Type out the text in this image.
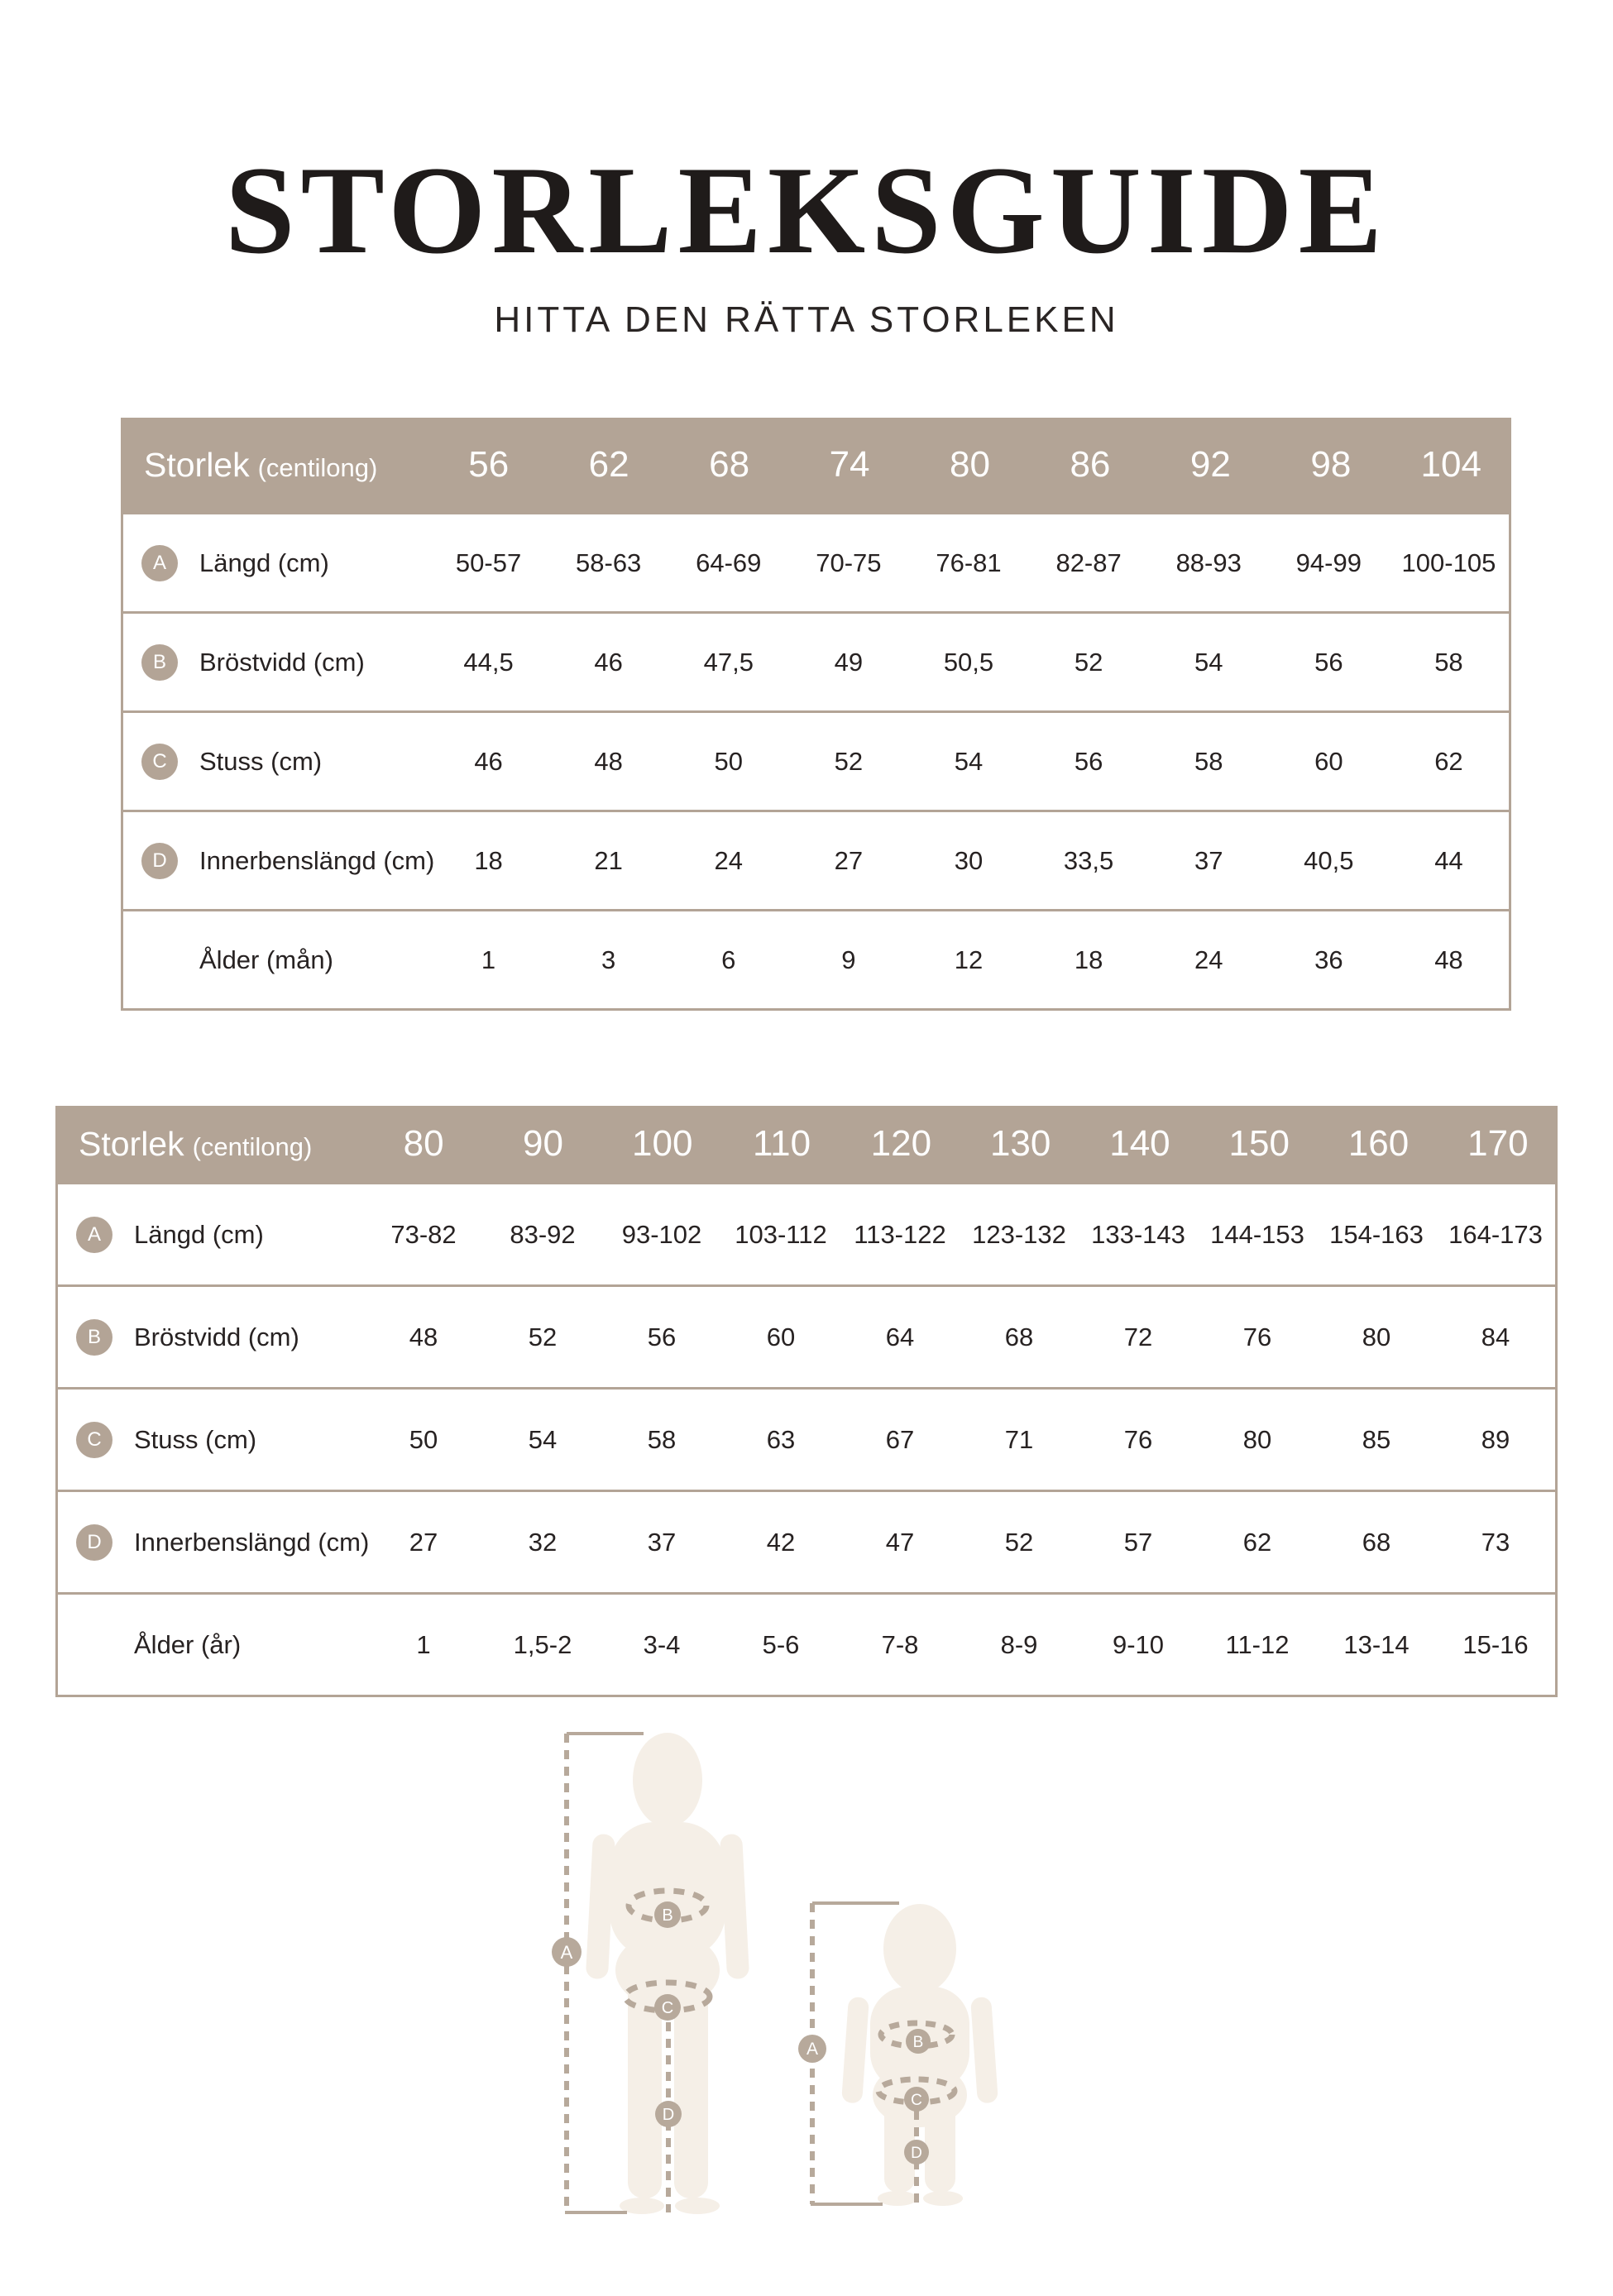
STORLEKSGUIDE
HITTA DEN RÄTTA STORLEKEN
Storlek (centilong)	56	62	68	74	80	86	92	98	104
A	Längd (cm)	50-57	58-63	64-69	70-75	76-81	82-87	88-93	94-99	100-105
B	Bröstvidd (cm)	44,5	46	47,5	49	50,5	52	54	56	58
C	Stuss (cm)	46	48	50	52	54	56	58	60	62
D	Innerbenslängd (cm)	18	21	24	27	30	33,5	37	40,5	44
Ålder (mån)	1	3	6	9	12	18	24	36	48
Storlek (centilong)	80	90	100	110	120	130	140	150	160	170
A	Längd (cm)	73-82	83-92	93-102	103-112	113-122	123-132 133-143 144-153 154-163 164-173
B	Bröstvidd (cm)	48	52	56	60	64	68	72	76	80	84
C	Stuss (cm)	50	54	58	63	67	71	76	80	85	89
D	Innerbenslängd (cm)	27	32	37	42	47	52	57	62	68	73
Ålder (år)	1	1,5-2	3-4	5-6	7-8	8-9	9-10	11-12	13-14	15-16
A
B
C
D
A	B
C
D
